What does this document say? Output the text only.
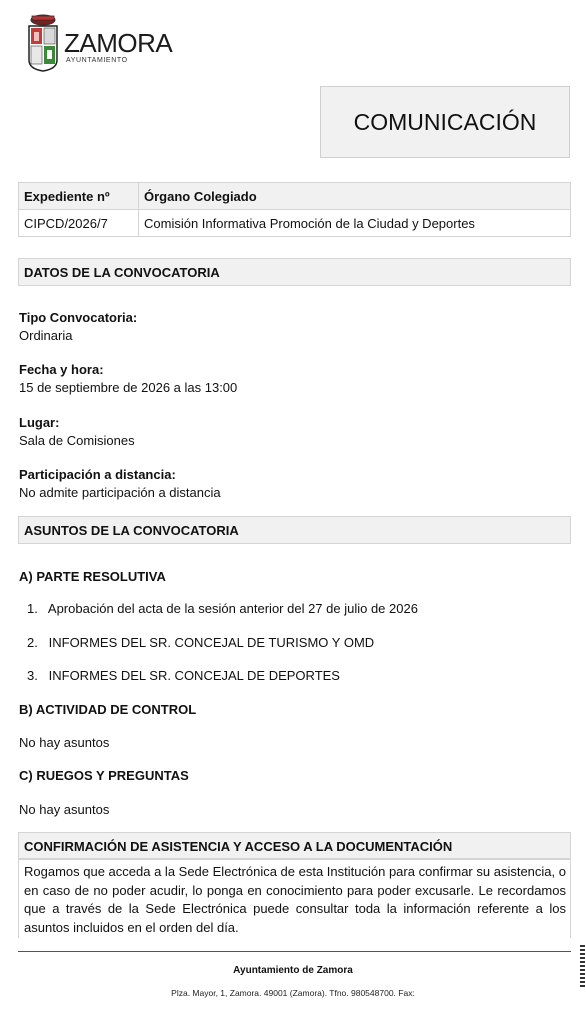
ZAMORA
AYUNTAMIENTO
COMUNICACIÓN
Expediente nº	Órgano Colegiado
CIPCD/2026/7	Comisión Informativa Promoción de la Ciudad y Deportes
DATOS DE LA CONVOCATORIA
Tipo Convocatoria:
Ordinaria
Fecha y hora:
15 de septiembre de 2026 a las 13:00
Lugar:
Sala de Comisiones
Participación a distancia:
No admite participación a distancia
ASUNTOS DE LA CONVOCATORIA
A) PARTE RESOLUTIVA
1. Aprobación del acta de la sesión anterior del 27 de julio de 2026
2. INFORMES DEL SR. CONCEJAL DE TURISMO Y OMD
3. INFORMES DEL SR. CONCEJAL DE DEPORTES
B) ACTIVIDAD DE CONTROL
No hay asuntos
C) RUEGOS Y PREGUNTAS
No hay asuntos
CONFIRMACIÓN DE ASISTENCIA Y ACCESO A LA DOCUMENTACIÓN
Rogamos que acceda a la Sede Electrónica de esta Institución para confirmar su asistencia, o en caso de no poder acudir, lo ponga en conocimiento para poder excusarle. Le recordamos que a través de la Sede Electrónica puede consultar toda la información referente a los asuntos incluidos en el orden del día.
Ayuntamiento de Zamora
Plza. Mayor, 1, Zamora. 49001 (Zamora). Tfno. 980548700. Fax:
